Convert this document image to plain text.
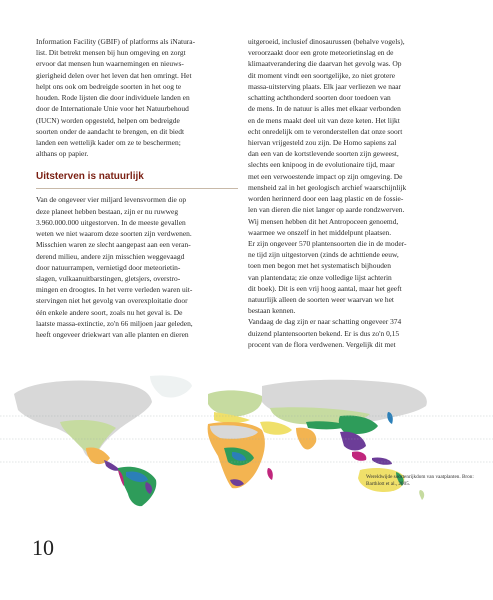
Information Facility (GBIF) of platforms als iNatura-
list. Dit betrekt mensen bij hun omgeving en zorgt
ervoor dat mensen hun waarnemingen en nieuws-
gierigheid delen over het leven dat hen omringt. Het
helpt ons ook om bedreigde soorten in het oog te
houden. Rode lijsten die door individuele landen en
door de Internationale Unie voor het Natuurbehoud
(IUCN) worden opgesteld, helpen om bedreigde
soorten onder de aandacht te brengen, en dit biedt
landen een wettelijk kader om ze te beschermen;
althans op papier.

Uitsterven is natuurlijk

Van de ongeveer vier miljard levensvormen die op
deze planeet hebben bestaan, zijn er nu ruwweg
3.960.000.000 uitgestorven. In de meeste gevallen
weten we niet waarom deze soorten zijn verdwenen.
Misschien waren ze slecht aangepast aan een veran-
derend milieu, andere zijn misschien weggevaagd
door natuurrampen, vernietigd door meteorietin-
slagen, vulkaanuitbarstingen, gletsjers, overstro-
mingen en droogtes. In het verre verleden waren uit-
stervingen niet het gevolg van overexploitatie door
één enkele andere soort, zoals nu het geval is. De
laatste massa-extinctie, zo'n 66 miljoen jaar geleden,
heeft ongeveer driekwart van alle planten en dieren

uitgeroeid, inclusief dinosaurussen (behalve vogels),
veroorzaakt door een grote meteorietinslag en de
klimaatverandering die daarvan het gevolg was. Op
dit moment vindt een soortgelijke, zo niet grotere
massa-uitsterving plaats. Elk jaar verliezen we naar
schatting achthonderd soorten door toedoen van
de mens. In de natuur is alles met elkaar verbonden
en de mens maakt deel uit van deze keten. Het lijkt
echt onredelijk om te veronderstellen dat onze soort
hiervan vrijgesteld zou zijn. De Homo sapiens zal
dan een van de kortstlevende soorten zijn geweest,
slechts een knipoog in de evolutionaire tijd, maar
met een verwoestende impact op zijn omgeving. De
mensheid zal in het geologisch archief waarschijnlijk
worden herinnerd door een laag plastic en de fossie-
len van dieren die niet langer op aarde rondzwerven.
Wij mensen hebben dit het Antropoceen genoemd,
waarmee we onszelf in het middelpunt plaatsen.
Er zijn ongeveer 570 plantensoorten die in de moder-
ne tijd zijn uitgestorven (zinds de achttiende eeuw,
toen men begon met het systematisch bijhouden
van plantendata; zie onze volledige lijst achterin
dit boek). Dit is een vrij hoog aantal, maar het geeft
natuurlijk alleen de soorten weer waarvan we het
bestaan kennen.
Vandaag de dag zijn er naar schatting ongeveer 374
duizend plantensoorten bekend. Er is dus zo'n 0,15
procent van de flora verdwenen. Vergelijk dit met

Wereldwijde soortenrijkdom van vaatplanten. Bron: Barthlott et al., 2005.
10
